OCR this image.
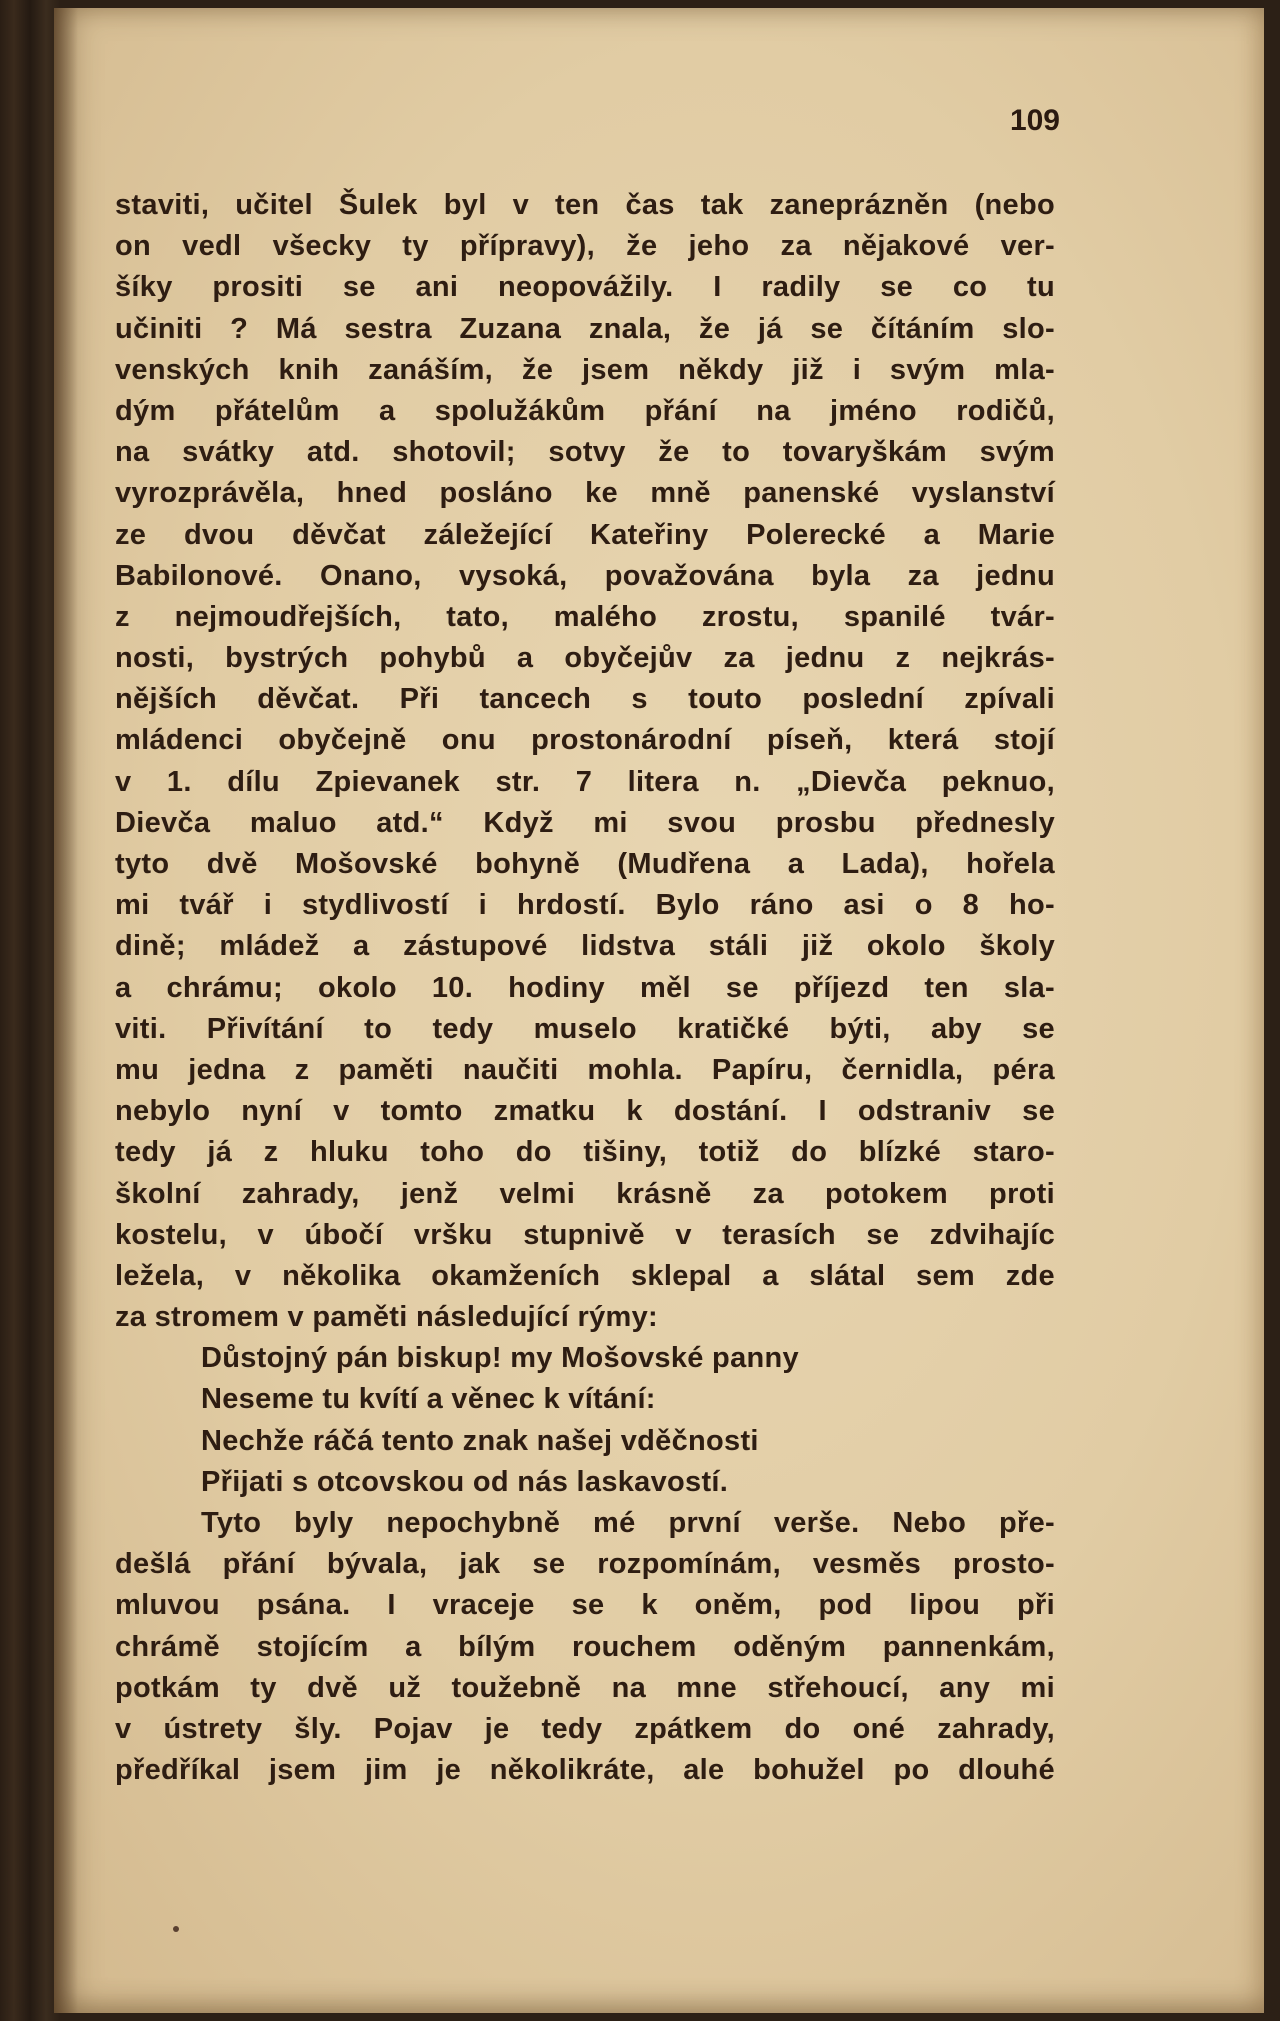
109
staviti, učitel Šulek byl v ten čas tak zaneprázněn (nebo
on vedl všecky ty přípravy), že jeho za nějakové ver-
šíky prositi se ani neopovážily. I radily se co tu
učiniti ? Má sestra Zuzana znala, že já se čítáním slo-
venských knih zanáším, že jsem někdy již i svým mla-
dým přátelům a spolužákům přání na jméno rodičů,
na svátky atd. shotovil; sotvy že to tovaryškám svým
vyrozprávěla, hned posláno ke mně panenské vyslanství
ze dvou děvčat záležející Kateřiny Polerecké a Marie
Babilonové. Onano, vysoká, považována byla za jednu
z nejmoudřejších, tato, malého zrostu, spanilé tvár-
nosti, bystrých pohybů a obyčejův za jednu z nejkrás-
nějších děvčat. Při tancech s touto poslední zpívali
mládenci obyčejně onu prostonárodní píseň, která stojí
v 1. dílu Zpievanek str. 7 litera n. „Dievča peknuo,
Dievča maluo atd.“ Když mi svou prosbu přednesly
tyto dvě Mošovské bohyně (Mudřena a Lada), hořela
mi tvář i stydlivostí i hrdostí. Bylo ráno asi o 8 ho-
dině; mládež a zástupové lidstva stáli již okolo školy
a chrámu; okolo 10. hodiny měl se příjezd ten sla-
viti. Přivítání to tedy muselo kratičké býti, aby se
mu jedna z paměti naučiti mohla. Papíru, černidla, péra
nebylo nyní v tomto zmatku k dostání. I odstraniv se
tedy já z hluku toho do tišiny, totiž do blízké staro-
školní zahrady, jenž velmi krásně za potokem proti
kostelu, v úbočí vršku stupnivě v terasích se zdvihajíc
ležela, v několika okamženích sklepal a slátal sem zde
za stromem v paměti následující rýmy:
Důstojný pán biskup! my Mošovské panny
Neseme tu kvítí a věnec k vítání:
Nechže ráčá tento znak našej vděčnosti
Přijati s otcovskou od nás laskavostí.
Tyto byly nepochybně mé první verše. Nebo pře-
dešlá přání bývala, jak se rozpomínám, vesměs prosto-
mluvou psána. I vraceje se k oněm, pod lipou při
chrámě stojícím a bílým rouchem oděným pannenkám,
potkám ty dvě už toužebně na mne střehoucí, any mi
v ústrety šly. Pojav je tedy zpátkem do oné zahrady,
předříkal jsem jim je několikráte, ale bohužel po dlouhé
